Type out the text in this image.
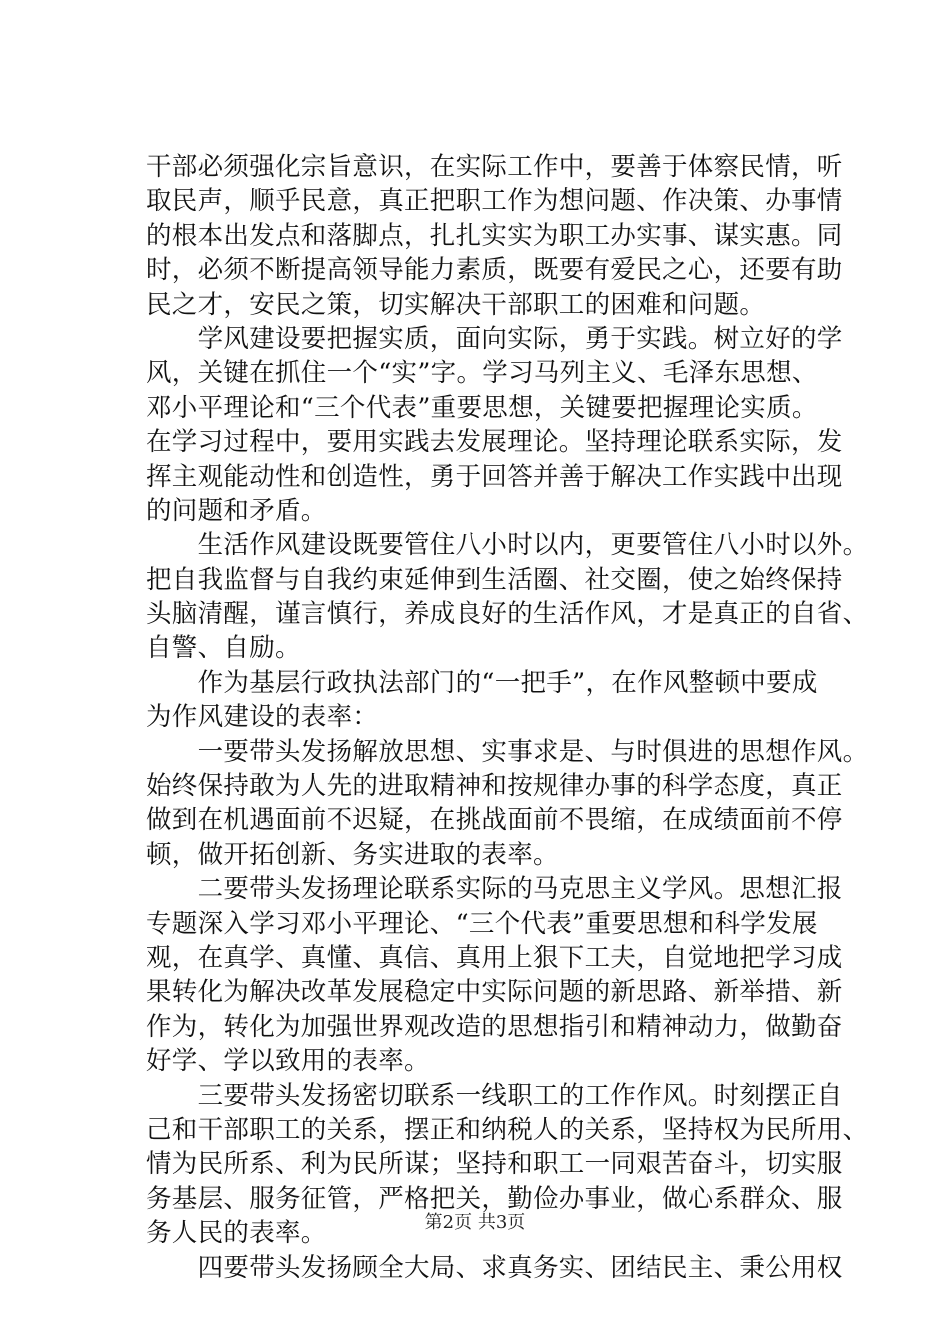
干部必须强化宗旨意识，在实际工作中，要善于体察民情，听
取民声，顺乎民意，真正把职工作为想问题、作决策、办事情
的根本出发点和落脚点，扎扎实实为职工办实事、谋实惠。同
时，必须不断提高领导能力素质，既要有爱民之心，还要有助
民之才，安民之策，切实解决干部职工的困难和问题。
　　学风建设要把握实质，面向实际，勇于实践。树立好的学
风，关键在抓住一个“实”字。学习马列主义、毛泽东思想、
邓小平理论和“三个代表”重要思想，关键要把握理论实质。
在学习过程中，要用实践去发展理论。坚持理论联系实际，发
挥主观能动性和创造性，勇于回答并善于解决工作实践中出现
的问题和矛盾。
　　生活作风建设既要管住八小时以内，更要管住八小时以外。
把自我监督与自我约束延伸到生活圈、社交圈，使之始终保持
头脑清醒，谨言慎行，养成良好的生活作风，才是真正的自省、
自警、自励。
　　作为基层行政执法部门的“一把手”，在作风整顿中要成
为作风建设的表率：
　　一要带头发扬解放思想、实事求是、与时俱进的思想作风。
始终保持敢为人先的进取精神和按规律办事的科学态度，真正
做到在机遇面前不迟疑，在挑战面前不畏缩，在成绩面前不停
顿，做开拓创新、务实进取的表率。
　　二要带头发扬理论联系实际的马克思主义学风。思想汇报
专题深入学习邓小平理论、“三个代表”重要思想和科学发展
观，在真学、真懂、真信、真用上狠下工夫，自觉地把学习成
果转化为解决改革发展稳定中实际问题的新思路、新举措、新
作为，转化为加强世界观改造的思想指引和精神动力，做勤奋
好学、学以致用的表率。
　　三要带头发扬密切联系一线职工的工作作风。时刻摆正自
己和干部职工的关系，摆正和纳税人的关系，坚持权为民所用、
情为民所系、利为民所谋；坚持和职工一同艰苦奋斗，切实服
务基层、服务征管，严格把关，勤俭办事业，做心系群众、服
务人民的表率。
　　四要带头发扬顾全大局、求真务实、团结民主、秉公用权
第2页 共3页
